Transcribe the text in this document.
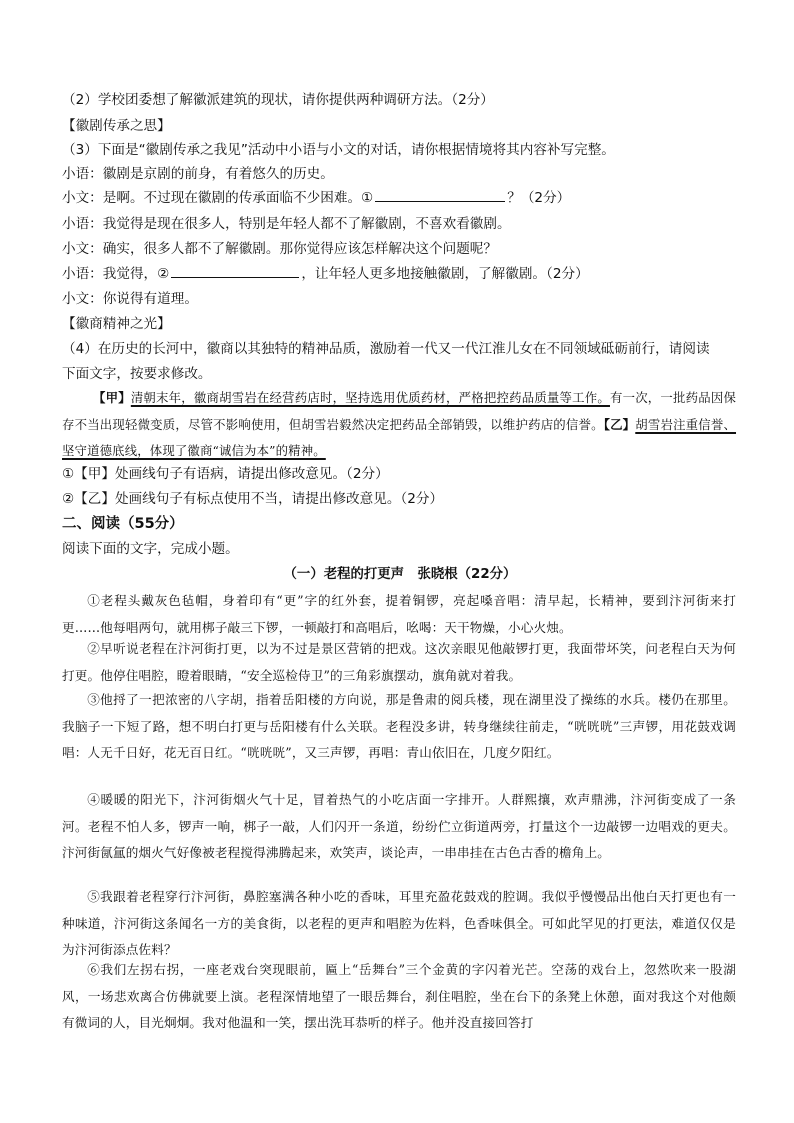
（2）学校团委想了解徽派建筑的现状，请你提供两种调研方法。（2分）
【徽剧传承之思】
（3）下面是“徽剧传承之我见”活动中小语与小文的对话，请你根据情境将其内容补写完整。
小语：徽剧是京剧的前身，有着悠久的历史。
小文：是啊。不过现在徽剧的传承面临不少困难。①	？（2分）
小语：我觉得是现在很多人，特别是年轻人都不了解徽剧，不喜欢看徽剧。
小文：确实，很多人都不了解徽剧。那你觉得应该怎样解决这个问题呢？
小语：我觉得，②	，让年轻人更多地接触徽剧，了解徽剧。（2分）
小文：你说得有道理。
【徽商精神之光】
（4）在历史的长河中，徽商以其独特的精神品质，激励着一代又一代江淮儿女在不同领域砥砺前行，请阅读
下面文字，按要求修改。
【甲】清朝末年，徽商胡雪岩在经营药店时，坚持选用优质药材，严格把控药品质量等工作。有一次，一批药品因保存不当出现轻微变质，尽管不影响使用，但胡雪岩毅然决定把药品全部销毁，以维护药店的信誉。【乙】胡雪岩注重信誉、坚守道德底线，体现了徽商“诚信为本”的精神。
①【甲】处画线句子有语病，请提出修改意见。（2分）
②【乙】处画线句子有标点使用不当，请提出修改意见。（2分）
二、阅读（55分）
阅读下面的文字，完成小题。
（一）老程的打更声　张晓根（22分）
①老程头戴灰色毡帽，身着印有“更”字的红外套，提着铜锣，亮起嗓音唱：清早起，长精神，要到汴河街来打更……他每唱两句，就用梆子敲三下锣，一顿敲打和高唱后，吆喝：天干物燥，小心火烛。
②早听说老程在汴河街打更，以为不过是景区营销的把戏。这次亲眼见他敲锣打更，我面带坏笑，问老程白天为何打更。他停住唱腔，瞪着眼睛，“安全巡检侍卫”的三角彩旗摆动，旗角就对着我。
③他捋了一把浓密的八字胡，指着岳阳楼的方向说，那是鲁肃的阅兵楼，现在湖里没了操练的水兵。楼仍在那里。我脑子一下短了路，想不明白打更与岳阳楼有什么关联。老程没多讲，转身继续往前走，“咣咣咣”三声锣，用花鼓戏调唱：人无千日好，花无百日红。“咣咣咣”，又三声锣，再唱：青山依旧在，几度夕阳红。
④暖暖的阳光下，汴河街烟火气十足，冒着热气的小吃店面一字排开。人群熙攘，欢声鼎沸，汴河街变成了一条河。老程不怕人多，锣声一响，梆子一敲，人们闪开一条道，纷纷伫立街道两旁，打量这个一边敲锣一边唱戏的更夫。汴河街氤氲的烟火气好像被老程搅得沸腾起来，欢笑声，谈论声，一串串挂在古色古香的檐角上。
⑤我跟着老程穿行汴河街，鼻腔塞满各种小吃的香味，耳里充盈花鼓戏的腔调。我似乎慢慢品出他白天打更也有一种味道，汴河街这条闻名一方的美食街，以老程的更声和唱腔为佐料，色香味俱全。可如此罕见的打更法，难道仅仅是为汴河街添点佐料？
⑥我们左拐右拐，一座老戏台突现眼前，匾上“岳舞台”三个金黄的字闪着光芒。空荡的戏台上，忽然吹来一股湖风，一场悲欢离合仿佛就要上演。老程深情地望了一眼岳舞台，刹住唱腔，坐在台下的条凳上休憩，面对我这个对他颇有微词的人，目光炯炯。我对他温和一笑，摆出洗耳恭听的样子。他并没直接回答打
